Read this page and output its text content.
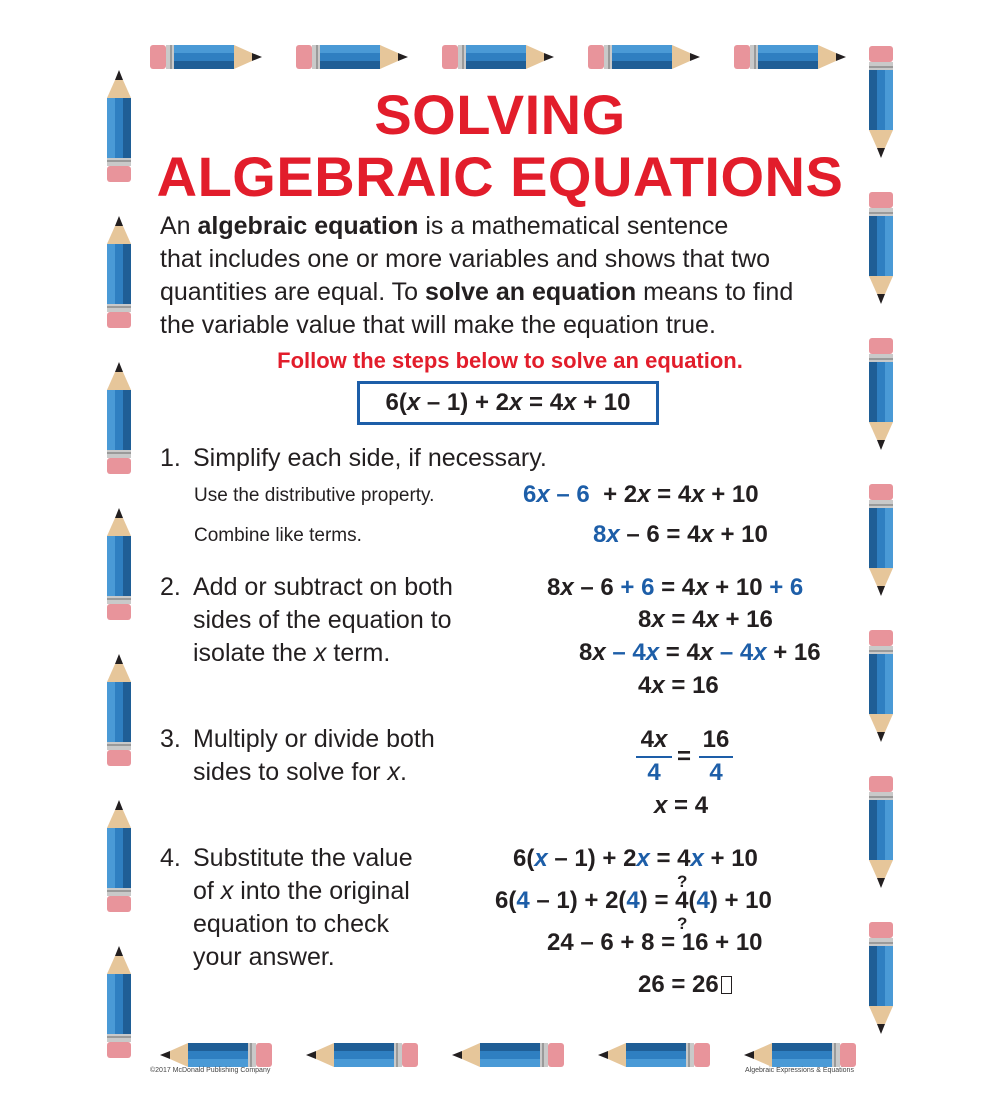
SOLVING
ALGEBRAIC EQUATIONS
An algebraic equation is a mathematical sentence
that includes one or more variables and shows that two
quantities are equal. To solve an equation means to find
the variable value that will make the equation true.
Follow the steps below to solve an equation.
6(x – 1) + 2x = 4x + 10
1. Simplify each side, if necessary.
Use the distributive property.
Combine like terms.
6x – 6  + 2x = 4x + 10
8x – 6 = 4x + 10
2. Add or subtract on both
sides of the equation to
isolate the x term.
8x – 6 + 6 = 4x + 10 + 6
8x = 4x + 16
8x – 4x = 4x – 4x + 16
4x = 16
3. Multiply or divide both
sides to solve for x.	$\frac{4x}{4} = \frac{16}{4}$
x = 4
4. Substitute the value
of x into the original
equation to check
your answer.
6(x – 1) + 2x = 4x + 10
?
6(4 – 1) + 2(4) = 4(4) + 10
?
24 – 6 + 8 = 16 + 10
26 = 26
©2017 McDonald Publishing Company	Algebraic Expressions & Equations
